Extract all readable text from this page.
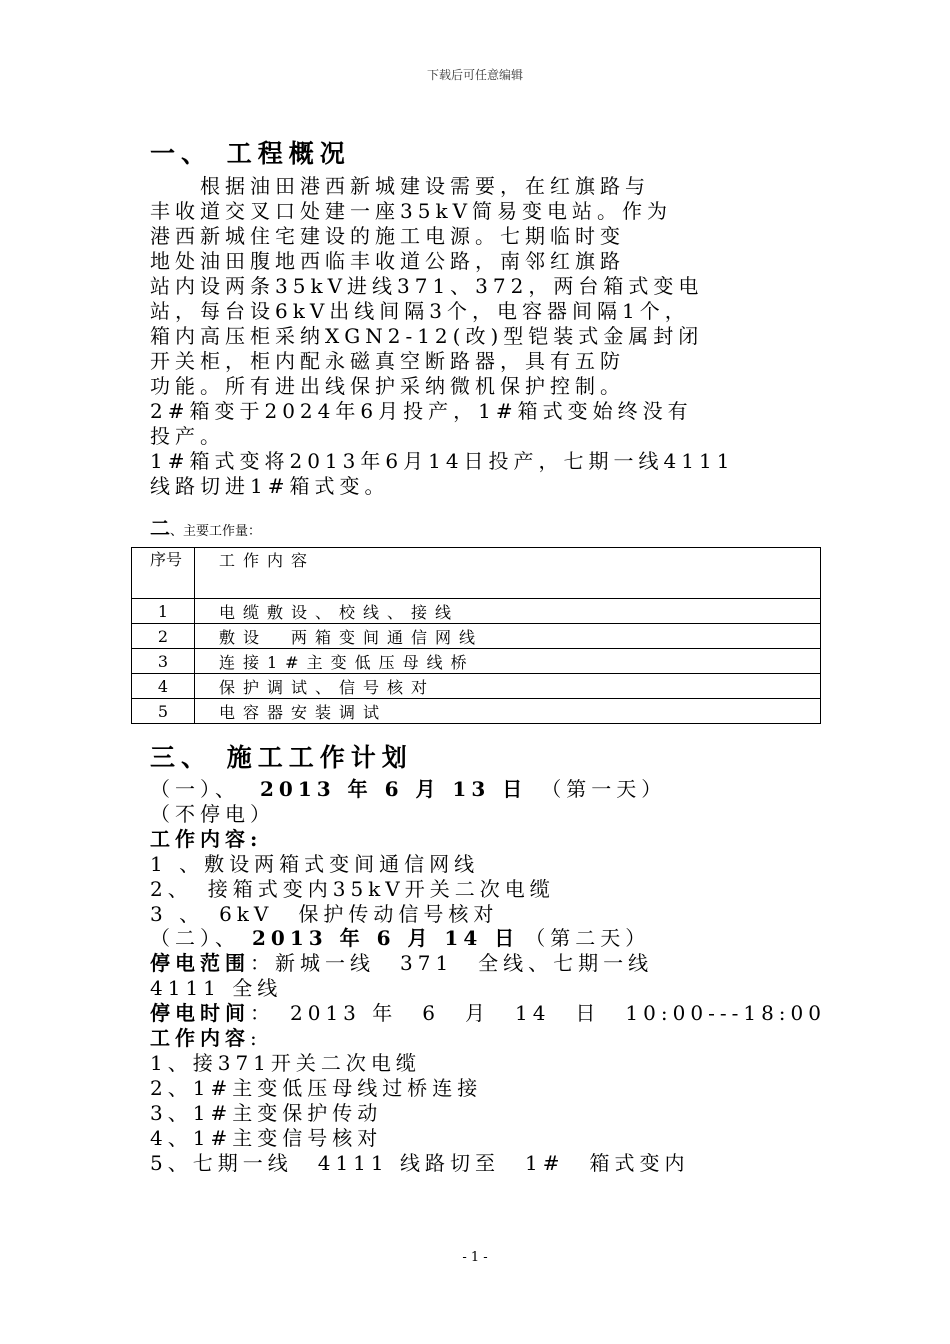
下载后可任意编辑
一、 工程概况
　　根据油田港西新城建设需要，在红旗路与
丰收道交叉口处建一座35kV简易变电站。作为
港西新城住宅建设的施工电源。七期临时变
地处油田腹地西临丰收道公路，南邻红旗路
站内设两条35kV进线371、372，两台箱式变电
站，每台设6kV出线间隔3个，电容器间隔1个，
箱内高压柜采纳XGN2-12(改)型铠装式金属封闭
开关柜，柜内配永磁真空断路器，具有五防
功能。所有进出线保护采纳微机保护控制。
2#箱变于2024年6月投产，1#箱式变始终没有
投产。
1#箱式变将2013年6月14日投产，七期一线4111
线路切进1#箱式变。
二、主要工作量：
序号	工作内容
1	电缆敷设、校线、接线
2	敷设　两箱变间通信网线
3	连接1#主变低压母线桥
4	保护调试、信号核对
5	电容器安装调试
三、 施工工作计划
（一）、 2013 年 6 月 13 日 （第一天）
（不停电）
工作内容:
1 、敷设两箱式变间通信网线
2、　接箱式变内35kV开关二次电缆
3 、　6kV　保护传动信号核对
（二）、 2013 年 6 月 14 日 （第二天）
停电范围：新城一线　371　全线、七期一线
4111 全线
停电时间：　2013 年　6　月　14　日　10:00---18:00
工作内容:
1、接371开关二次电缆
2、1#主变低压母线过桥连接
3、1#主变保护传动
4、1#主变信号核对
5、七期一线　4111 线路切至　1#　箱式变内
- 1 -
